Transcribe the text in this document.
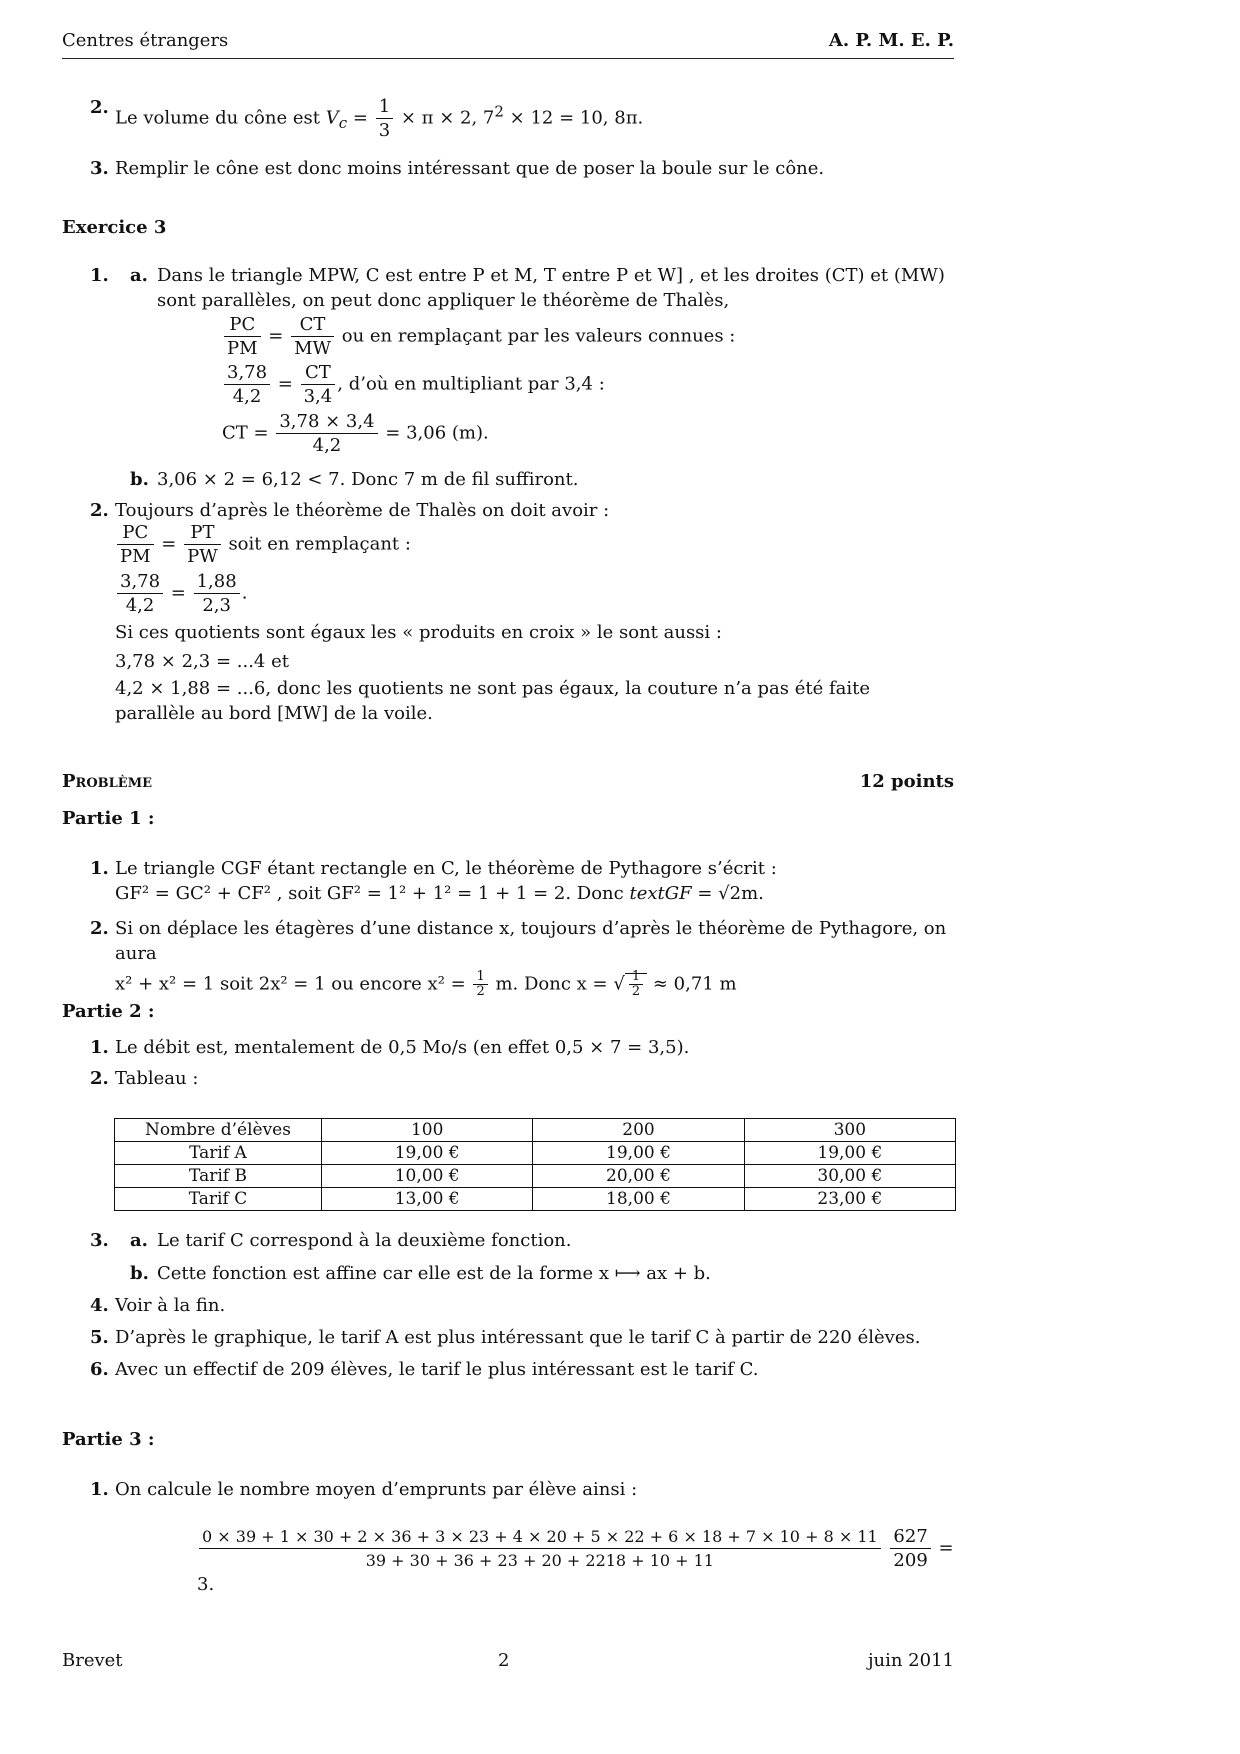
Centres étrangers	A. P. M. E. P.
2. Le volume du cône est $V_c = \frac{1}{3} \times \pi \times 2$, $7^2 \times 12 = 10$, 8π.
3. Remplir le cône est donc moins intéressant que de poser la boule sur le cône.
Exercice 3
1. a. Dans le triangle MPW, C est entre P et M, T entre P et W] , et les droites (CT) et (MW) sont parallèles, on peut donc appliquer le théorème de Thalès,
$\frac{PC}{PM} = \frac{CT}{MW}$ ou en remplaçant par les valeurs connues :
$\frac{3,78}{4,2} = \frac{CT}{3,4}$ , d’où en multipliant par 3,4 :
CT = $\frac{3,78 \times 3,4}{4,2} = 3,06$ (m).
b. 3,06 × 2 = 6,12 < 7. Donc 7 m de fil suffiront.
2. Toujours d’après le théorème de Thalès on doit avoir :
$\frac{PC}{PM} = \frac{PT}{PW}$ soit en remplaçant :
$\frac{3,78}{4,2} = \frac{1,88}{2,3}$ .
Si ces quotients sont égaux les « produits en croix » le sont aussi :
3,78 × 2,3 = ...4 et
4,2 × 1,88 = ...6, donc les quotients ne sont pas égaux, la couture n’a pas été faite parallèle au bord [MW] de la voile.
Problème	12 points
Partie 1 :
1. Le triangle CGF étant rectangle en C, le théorème de Pythagore s’écrit :
GF² = GC² + CF² , soit GF² = 1² + 1² = 1 + 1 = 2. Donc textGF = √2m.
2. Si on déplace les étagères d’une distance x, toujours d’après le théorème de Pythagore, on aura
x² + x² = 1 soit 2x² = 1 ou encore $x^2 = \frac{1}{2} m$. Donc x = √ $\frac{1}{2} \approx 0,71$ m
Partie 2 :
1. Le débit est, mentalement de 0,5 Mo/s (en effet 0,5 × 7 = 3,5).
2. Tableau :
Nombre d’élèves	100	200	300
Tarif A	19,00 €	19,00 €	19,00 €
Tarif B	10,00 €	20,00 €	30,00 €
Tarif C	13,00 €	18,00 €	23,00 €
3. a. Le tarif C correspond à la deuxième fonction.
b. Cette fonction est affine car elle est de la forme x ⟼ ax + b.
4. Voir à la fin.
5. D’après le graphique, le tarif A est plus intéressant que le tarif C à partir de 220 élèves.
6. Avec un effectif de 209 élèves, le tarif le plus intéressant est le tarif C.
Partie 3 :
1. On calcule le nombre moyen d’emprunts par élève ainsi :
0 × 39 + 1 × 30 + 2 × 36 + 3 × 23 + 4 × 20 + 5 × 22 + 6 × 18 + 7 × 10 + 8 × 11
39 + 30 + 36 + 23 + 20 + 2218 + 10 + 11
	$\frac{627}{209} = 3$.
Brevet	2	juin 2011
